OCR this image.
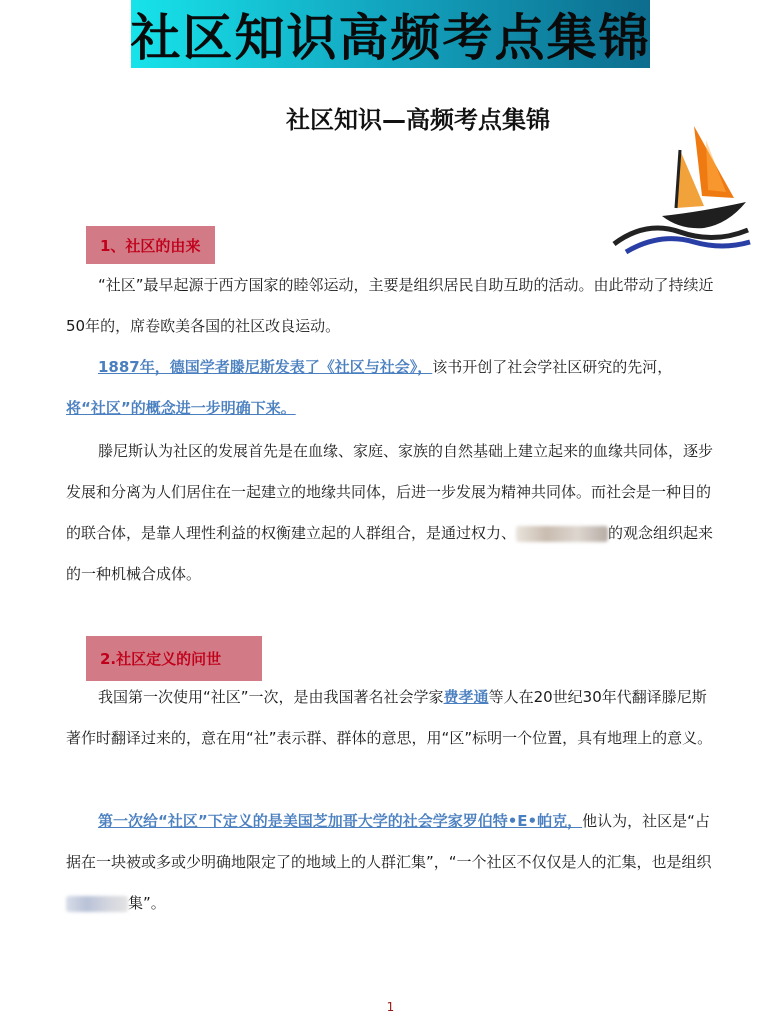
社区知识高频考点集锦
社区知识—高频考点集锦
1、社区的由来

“社区”最早起源于西方国家的睦邻运动，主要是组织居民自助互助的活动。由此带动了持续近50年的，席卷欧美各国的社区改良运动。

1887年，德国学者滕尼斯发表了《社区与社会》，该书开创了社会学社区研究的先河，
将“社区”的概念进一步明确下来。

滕尼斯认为社区的发展首先是在血缘、家庭、家族的自然基础上建立起来的血缘共同体，逐步发展和分离为人们居住在一起建立的地缘共同体，后进一步发展为精神共同体。而社会是一种目的的联合体，是靠人理性利益的权衡建立起的人群组合，是通过权力、	的观念组织起来的一种机械合成体。

2.社区定义的问世

我国第一次使用“社区”一次，是由我国著名社会学家费孝通等人在20世纪30年代翻译滕尼斯著作时翻译过来的，意在用“社”表示群、群体的意思，用“区”标明一个位置，具有地理上的意义。

第一次给“社区”下定义的是美国芝加哥大学的社会学家罗伯特•E•帕克，他认为，社区是“占据在一块被或多或少明确地限定了的地域上的人群汇集”，“一个社区不仅仅是人的汇集，也是组织集”。

1
